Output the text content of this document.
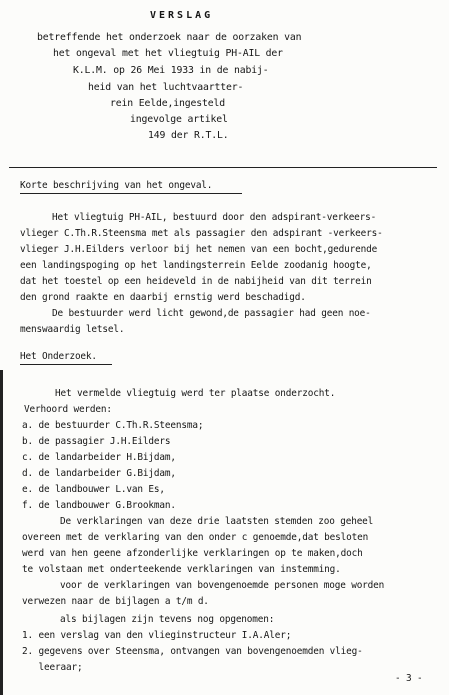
VERSLAG
betreffende het onderzoek naar de oorzaken van
het ongeval met het vliegtuig PH-AIL der
K.L.M. op 26 Mei 1933 in de nabij-
heid van het luchtvaartter-
rein Eelde,ingesteld
ingevolge artikel
149 der R.T.L.
Korte beschrijving van het ongeval.
Het vliegtuig PH-AIL, bestuurd door den adspirant-verkeers-
vlieger C.Th.R.Steensma met als passagier den adspirant -verkeers-
vlieger J.H.Eilders verloor bij het nemen van een bocht,gedurende
een landingspoging op het landingsterrein Eelde zoodanig hoogte,
dat het toestel op een heideveld in de nabijheid van dit terrein
den grond raakte en daarbij ernstig werd beschadigd.
De bestuurder werd licht gewond,de passagier had geen noe-
menswaardig letsel.
Het Onderzoek.
Het vermelde vliegtuig werd ter plaatse onderzocht.
Verhoord werden:
a. de bestuurder C.Th.R.Steensma;
b. de passagier J.H.Eilders
c. de landarbeider H.Bijdam,
d. de landarbeider G.Bijdam,
e. de landbouwer L.van Es,
f. de landbouwer G.Brookman.
De verklaringen van deze drie laatsten stemden zoo geheel
overeen met de verklaring van den onder c genoemde,dat besloten
werd van hen geene afzonderlijke verklaringen op te maken,doch
te volstaan met onderteekende verklaringen van instemming.
voor de verklaringen van bovengenoemde personen moge worden
verwezen naar de bijlagen a t/m d.
als bijlagen zijn tevens nog opgenomen:
1. een verslag van den vlieginstructeur I.A.Aler;
2. gegevens over Steensma, ontvangen van bovengenoemden vlieg-
leeraar;
- 3 -
